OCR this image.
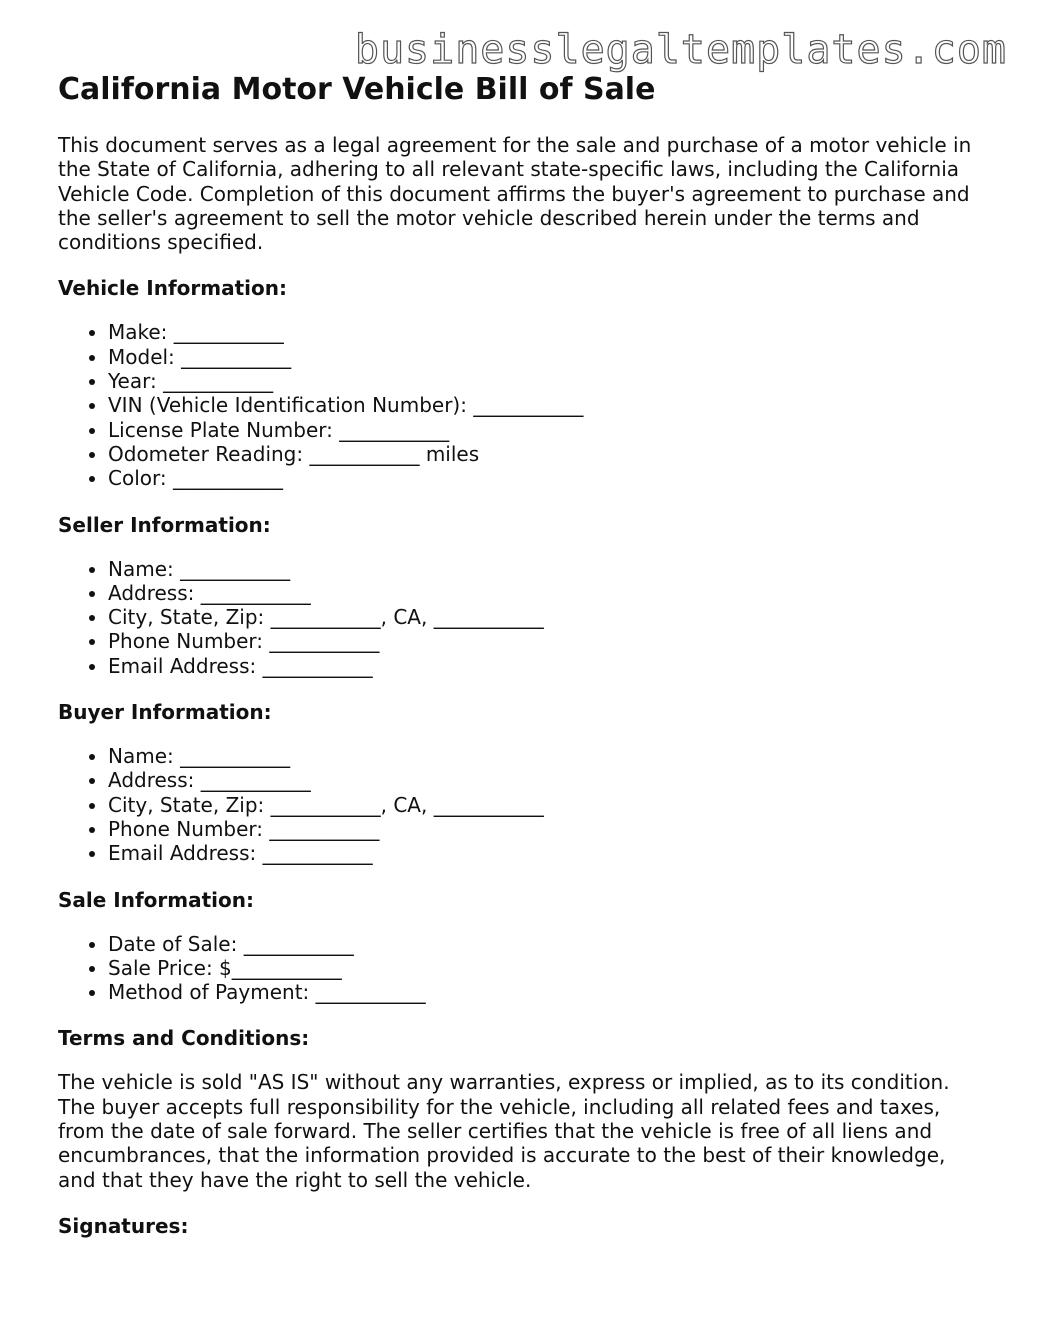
businesslegaltemplates.com
California Motor Vehicle Bill of Sale

This document serves as a legal agreement for the sale and purchase of a motor vehicle in the State of California, adhering to all relevant state-specific laws, including the California Vehicle Code. Completion of this document affirms the buyer's agreement to purchase and the seller's agreement to sell the motor vehicle described herein under the terms and conditions specified.

Vehicle Information:
• Make: ___________
• Model: ___________
• Year: ___________
• VIN (Vehicle Identification Number): ___________
• License Plate Number: ___________
• Odometer Reading: ___________ miles
• Color: ___________
Seller Information:
• Name: ___________
• Address: ___________
• City, State, Zip: ___________, CA, ___________
• Phone Number: ___________
• Email Address: ___________
Buyer Information:
• Name: ___________
• Address: ___________
• City, State, Zip: ___________, CA, ___________
• Phone Number: ___________
• Email Address: ___________
Sale Information:
• Date of Sale: ___________
• Sale Price: $___________
• Method of Payment: ___________
Terms and Conditions:

The vehicle is sold "AS IS" without any warranties, express or implied, as to its condition. The buyer accepts full responsibility for the vehicle, including all related fees and taxes, from the date of sale forward. The seller certifies that the vehicle is free of all liens and encumbrances, that the information provided is accurate to the best of their knowledge, and that they have the right to sell the vehicle.

Signatures:
